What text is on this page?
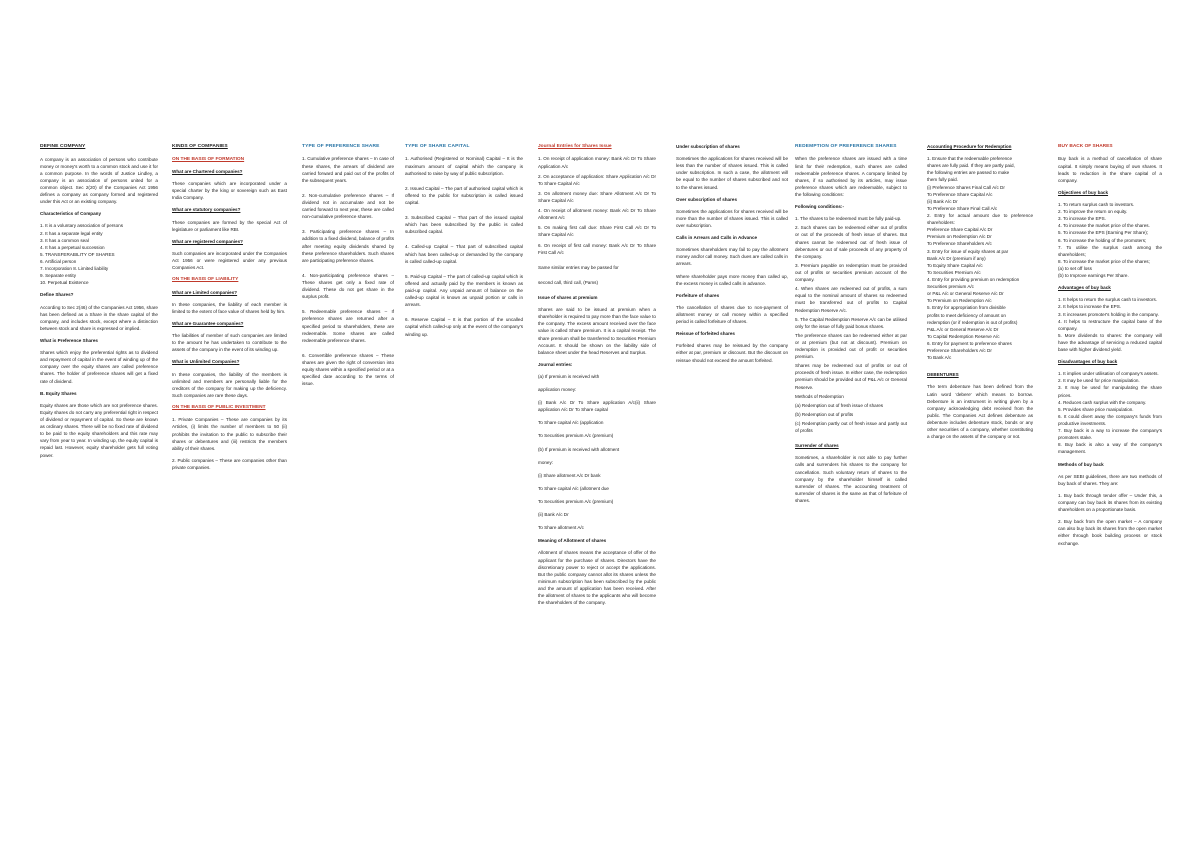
DEFINE COMPANY

A company is an association of persons who contribute money or money's worth to a common stock and use it for a common purpose. In the words of Justice Lindley, a company is an association of persons united for a common object. Sec 2(20) of the Companies Act 1956 defines a company as company formed and registered under this Act or an existing company.

Characteristics of Company

1. It is a voluntary association of persons

2. It has a separate legal entity

3. It has a common seal

4. It has a perpetual succession

5. TRANSFERABILITY OF SHARES

6. Artificial person

7. Incorporation 8. Limited liability

9. Separate entity

10. Perpetual Existence

Define Shares?

According to Sec 2(46) of the Companies Act 1956, share has been defined as a Share in the share capital of the company, and includes stock, except where a distinction between stock and share is expressed or implied.

What is Preference Shares

Shares which enjoy the preferential rights as to dividend and repayment of capital in the event of winding up of the company over the equity shares are called preference shares. The holder of preference shares will get a fixed rate of dividend.

B. Equity Shares

Equity shares are those which are not preference shares. Equity shares do not carry any preferential right in respect of dividend or repayment of capital. So these are known as ordinary shares. There will be no fixed rate of dividend to be paid to the equity shareholders and this rate may vary from year to year. In winding up, the equity capital is repaid last. However, equity shareholder gets full voting power.

KINDS OF COMPANIES

ON THE BASIS OF FORMATION

What are Chartered companies?

These companies which are incorporated under a special charter by the king or sovereign such as East India Company.

What are statutory companies?

These companies are formed by the special Act of legislature or parliament like RBI.

What are registered companies?

Such companies are incorporated under the Companies Act 1956 or were registered under any previous Companies Act.

ON THE BASIS OF LIABILITY

What are Limited companies?

In these companies, the liability of each member is limited to the extent of face value of shares held by him.

What are Guarantee companies?

The liabilities of member of such companies are limited to the amount he has undertaken to contribute to the assets of the company in the event of its winding up.

What is Unlimited Companies?

In these companies, the liability of the members is unlimited and members are personally liable for the creditors of the company for making up the deficiency. Such companies are rare these days.

ON THE BASIS OF PUBLIC INVESTMENT

1. Private Companies – These are companies by its Articles, (i) limits the number of members to 50 (ii) prohibits the invitation to the public to subscribe their shares or debentures and (iii) restricts the members ability of their shares.

2. Public companies – These are companies other than private companies.

TYPE OF PREFERENCE SHARE

1. Cumulative preference shares – In case of these shares, the arrears of dividend are carried forward and paid out of the profits of the subsequent years.

2. Non-cumulative preference shares – If dividend not in accumulate and not be carried forward to next year, these are called non-cumulative preference shares.

3. Participating preference shares – In addition to a fixed dividend, balance of profits after meeting equity dividends shared by these preference shareholders. Such shares are participating preference shares.

4. Non-participating preference shares – These shares get only a fixed rate of dividend. These do not get share in the surplus profit.

5. Redeemable preference shares – If preference shares are returned after a specified period to shareholders, these are redeemable. Some shares are called redeemable preference shares.

6. Convertible preference shares – These shares are given the right of conversion into equity shares within a specified period or at a specified date according to the terms of issue.

TYPE OF SHARE CAPITAL

1. Authorised (Registered or Nominal) Capital – It is the maximum amount of capital which the company is authorised to raise by way of public subscription.

2. Issued Capital – The part of authorised capital which is offered to the public for subscription is called issued capital.

3. Subscribed Capital – That part of the issued capital which has been subscribed by the public is called subscribed capital.

4. Called-up Capital – That part of subscribed capital which has been called-up or demanded by the company is called called-up capital.

5. Paid-up Capital – The part of called-up capital which is offered and actually paid by the members is known as paid-up capital. Any unpaid amount of balance on the called-up capital is known as unpaid portion or calls in arrears.

6. Reserve Capital – It is that portion of the uncalled capital which called-up only at the event of the company's winding up.

Journal Entries for Shares Issue

1. On receipt of application money: Bank A/c Dr To Share Application A/c

2. On acceptance of application: Share Application A/c Dr To Share Capital A/c

3. On allotment money due: Share Allotment A/c Dr To Share Capital A/c

4. On receipt of allotment money: Bank A/c Dr To Share Allotment A/c

5. On making first call due: Share First Call A/c Dr To Share Capital A/c

6. On receipt of first call money: Bank A/c Dr To Share First Call A/c

Same similar entries may be passed for

second call, third call, (Pams)

Issue of shares at premium

Shares are said to be issued at premium when a shareholder is required to pay more than the face value to the company. The excess amount received over the face value is called Share premium. It is a capital receipt. The share premium shall be transferred to Securities Premium Account. It should be shown on the liability side of balance sheet under the head Reserves and Surplus.

Journal entries:

(a) If premium is received with

application money:

(i) Bank A/c Dr To Share application A/c(ii) Share application A/c Dr To Share capital

To Share capital A/c (application

To Securities premium A/c (premium)

(b) If premium is received with allotment

money:

(i) Share allotment A/c Dr bank

To Share capital A/c (allotment due

To Securities premium A/c (premium)

(ii) Bank A/c Dr

To Share allotment A/c

Meaning of Allotment of shares

Allotment of shares means the acceptance of offer of the applicant for the purchase of shares. Directors have the discretionary power to reject or accept the applications. But the public company cannot allot its shares unless the minimum subscription has been subscribed by the public and the amount of application has been received. After the allotment of shares to the applicants who will become the shareholders of the company.

Under subscription of shares

Sometimes the applications for shares received will be less than the number of shares issued. This is called under subscription. In such a case, the allotment will be equal to the number of shares subscribed and not to the shares issued.

Over subscription of shares

Sometimes the applications for shares received will be more than the number of shares issued. This is called over subscription.

Calls in Arrears and Calls in Advance

Sometimes shareholders may fail to pay the allotment money and/or call money. Such dues are called calls in arrears.

Where shareholder pays more money than called up, the excess money is called calls in advance.

Forfeiture of shares

The cancellation of shares due to non-payment of allotment money or call money within a specified period is called forfeiture of shares.

Reissue of forfeited shares

Forfeited shares may be reissued by the company either at par, premium or discount. But the discount on reissue should not exceed the amount forfeited.

REDEMPTION OF PREFERENCE SHARES

When the preference shares are issued with a time limit for their redemption, such shares are called redeemable preference shares. A company limited by shares, if so authorised by its articles, may issue preference shares which are redeemable, subject to the following conditions:

Following conditions:-

1. The shares to be redeemed must be fully paid-up.

2. Such shares can be redeemed either out of profits or out of the proceeds of fresh issue of shares. But shares cannot be redeemed out of fresh issue of debentures or out of sale proceeds of any property of the company.

3. Premium payable on redemption must be provided out of profits or securities premium account of the company.

4. When shares are redeemed out of profits, a sum equal to the nominal amount of shares so redeemed must be transferred out of profits to Capital Redemption Reserve A/c.

5. The Capital Redemption Reserve A/c can be utilised only for the issue of fully paid bonus shares.

The preference shares can be redeemed either at par or at premium (but not at discount). Premium on redemption is provided out of profit or securities premium.

Shares may be redeemed out of profits or out of proceeds of fresh issue. In either case, the redemption premium should be provided out of P&L A/c or General Reserve.

Methods of Redemption

(a) Redemption out of fresh issue of shares

(b) Redemption out of profits

(c) Redemption partly out of fresh issue and partly out of profits

Surrender of shares

Sometimes, a shareholder is not able to pay further calls and surrenders his shares to the company for cancellation. Such voluntary return of shares to the company by the shareholder himself is called surrender of shares. The accounting treatment of surrender of shares is the same as that of forfeiture of shares.

Accounting Procedure for Redemption

1. Ensure that the redeemable preference

shares are fully paid. If they are partly paid,

the following entries are passed to make

them fully paid.

(i) Preference Shares Final Call A/c Dr

To Preference Share Capital A/c

(ii) Bank A/c Dr

To Preference Share Final Call A/c

2. Entry for actual amount due to preference shareholders:

Preference Share Capital A/c Dr

Premium on Redemption A/c Dr

To Preference Shareholders A/c

3. Entry for issue of equity shares at par

Bank A/c Dr (premium if any)

To Equity Share Capital A/c

To Securities Premium A/c

4. Entry for providing premium on redemption

Securities premium A/c

or P&L A/c or General Reserve A/c Dr

To Premium on Redemption A/c

5. Entry for appropriation from divisible

profits to meet deficiency of amount on

redemption (or if redemption is out of profits)

P&L A/c or General Reserve A/c Dr

To Capital Redemption Reserve A/c

6. Entry for payment to preference shares

Preference Shareholders A/c Dr

To Bank A/c

DEBENTURES

The term debenture has been defined from the Latin word 'debere' which means to borrow. Debenture is an instrument in writing given by a company acknowledging debt received from the public. The Companies Act defines debenture as debenture includes debenture stock, bonds or any other securities of a company, whether constituting a charge on the assets of the company or not.

BUY BACK OF SHARES

Buy back is a method of cancellation of share capital. It simply means buying of own shares. It leads to reduction in the share capital of a company.

Objectives of buy back

1. To return surplus cash to investors.

2. To improve the return on equity.

3. To increase the EPS.

4. To increase the market price of the shares.

5. To increase the EPS (Earning Per Share);

6. To increase the holding of the promoters;

7. To utilise the surplus cash among the shareholders;

8. To increase the market price of the shares;

(a) to set off loss

(b) to Improve earnings Per Share.

Advantages of buy back

1. It helps to return the surplus cash to investors.

2. It helps to increase the EPS.

3. It increases promoter's holding in the company.

4. It helps to restructure the capital base of the company.

5. More dividends to shares: the company will have the advantage of servicing a reduced capital base with higher dividend yield.

Disadvantages of buy back

1. It implies under utilisation of company's assets.

2. It may be used for price manipulation.

3. It may be used for manipulating the share prices.

4. Reduces cash surplus with the company.

5. Provides share price manipulation.

6. It could divert away the company's funds from productive investments.

7. Buy back is a way to increase the company's promoters stake.

8. Buy back is also a way of the company's management.

Methods of buy back

As per SEBI guidelines, there are two methods of buy back of shares. They are:

1. Buy back through tender offer – Under this, a company can buy back its shares from its existing shareholders on a proportionate basis.

2. Buy back from the open market – A company can also buy back its shares from the open market either through book building process or stock exchange.
